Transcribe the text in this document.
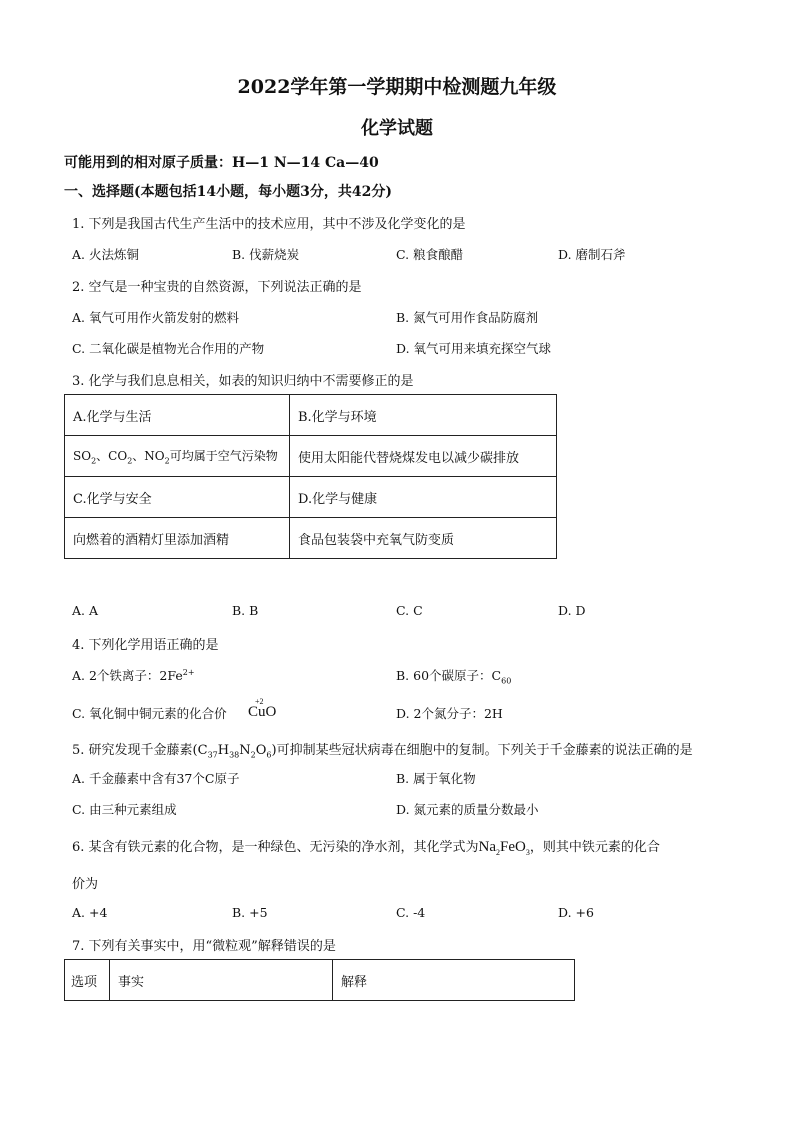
2022学年第一学期期中检测题九年级
化学试题
可能用到的相对原子质量：H—1 N—14 Ca—40
一、选择题(本题包括14小题，每小题3分，共42分)
1. 下列是我国古代生产生活中的技术应用，其中不涉及化学变化的是
A. 火法炼铜	B. 伐薪烧炭	C. 粮食酿醋	D. 磨制石斧
2. 空气是一种宝贵的自然资源，下列说法正确的是
A. 氧气可用作火箭发射的燃料	B. 氮气可用作食品防腐剂
C. 二氧化碳是植物光合作用的产物	D. 氧气可用来填充探空气球
3. 化学与我们息息相关，如表的知识归纳中不需要修正的是
A.化学与生活	B.化学与环境
$SO_2$、$CO_2$、$NO_2$可均属于空气污染物	使用太阳能代替烧煤发电以减少碳排放
C.化学与安全	D.化学与健康
向燃着的酒精灯里添加酒精	食品包装袋中充氧气防变质
A. A	B. B	C. C	D. D
4. 下列化学用语正确的是
A. 2个铁离子：$2Fe^{2+}$	B. 60个碳原子：$C_{60}$
C. 氧化铜中铜元素的化合价
+2
CuO	D. 2个氮分子：2H
5. 研究发现千金藤素$(C_{37}H_{38}N_2O_6)$可抑制某些冠状病毒在细胞中的复制。下列关于千金藤素的说法正确的是
A. 千金藤素中含有37个C原子	B. 属于氧化物
C. 由三种元素组成	D. 氮元素的质量分数最小
6. 某含有铁元素的化合物，是一种绿色、无污染的净水剂，其化学式为$Na_2FeO_3$，则其中铁元素的化合
价为
A. +4	B. +5	C. -4	D. +6
7. 下列有关事实中，用“微粒观”解释错误的是
选项	事实	解释
